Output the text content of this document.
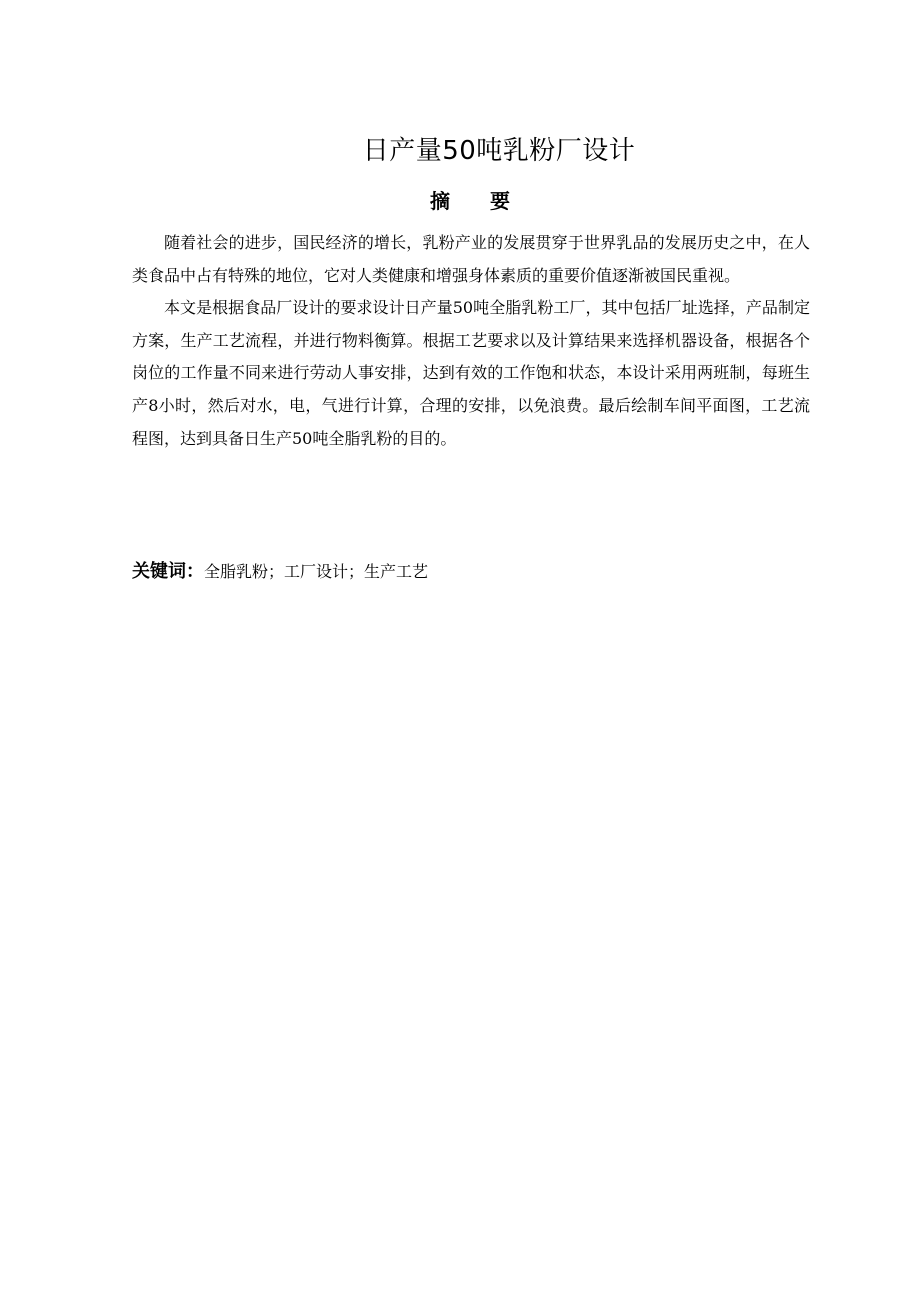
日产量50吨乳粉厂设计
摘要

随着社会的进步，国民经济的增长，乳粉产业的发展贯穿于世界乳品的发展历史之中，在人类食品中占有特殊的地位，它对人类健康和增强身体素质的重要价值逐渐被国民重视。

本文是根据食品厂设计的要求设计日产量50吨全脂乳粉工厂，其中包括厂址选择，产品制定方案，生产工艺流程，并进行物料衡算。根据工艺要求以及计算结果来选择机器设备，根据各个岗位的工作量不同来进行劳动人事安排，达到有效的工作饱和状态，本设计采用两班制，每班生产8小时，然后对水，电，气进行计算，合理的安排，以免浪费。最后绘制车间平面图，工艺流程图，达到具备日生产50吨全脂乳粉的目的。

关键词：全脂乳粉；工厂设计；生产工艺
